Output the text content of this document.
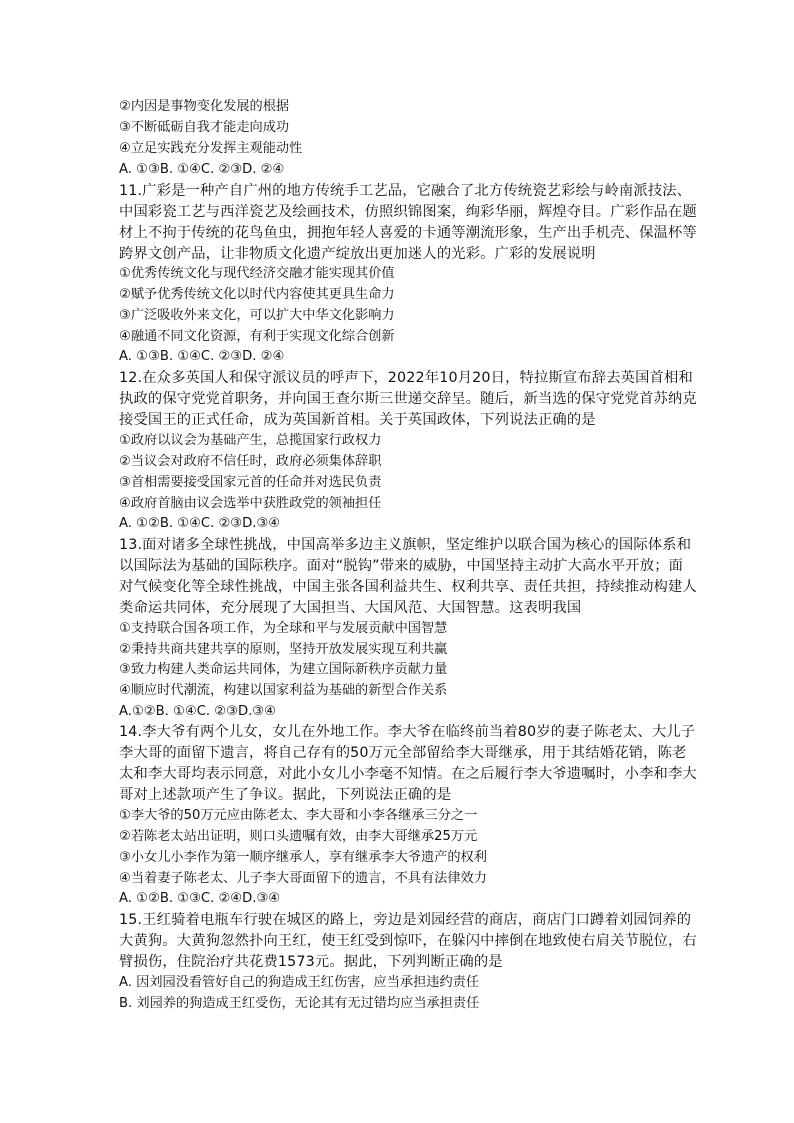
②内因是事物变化发展的根据
③不断砥砺自我才能走向成功
④立足实践充分发挥主观能动性
A. ①③B. ①④C. ②③D. ②④
11.广彩是一种产自广州的地方传统手工艺品，它融合了北方传统瓷艺彩绘与岭南派技法、
中国彩瓷工艺与西洋瓷艺及绘画技术，仿照织锦图案，绚彩华丽，辉煌夺目。广彩作品在题
材上不拘于传统的花鸟鱼虫，拥抱年轻人喜爱的卡通等潮流形象，生产出手机壳、保温杯等
跨界文创产品，让非物质文化遗产绽放出更加迷人的光彩。广彩的发展说明
①优秀传统文化与现代经济交融才能实现其价值
②赋予优秀传统文化以时代内容使其更具生命力
③广泛吸收外来文化，可以扩大中华文化影响力
④融通不同文化资源，有利于实现文化综合创新
A. ①③B. ①④C. ②③D. ②④
12.在众多英国人和保守派议员的呼声下，2022年10月20日，特拉斯宣布辞去英国首相和
执政的保守党党首职务，并向国王查尔斯三世递交辞呈。随后，新当选的保守党党首苏纳克
接受国王的正式任命，成为英国新首相。关于英国政体，下列说法正确的是
①政府以议会为基础产生，总揽国家行政权力
②当议会对政府不信任时，政府必须集体辞职
③首相需要接受国家元首的任命并对选民负责
④政府首脑由议会选举中获胜政党的领袖担任
A. ①②B. ①④C. ②③D.③④
13.面对诸多全球性挑战，中国高举多边主义旗帜，坚定维护以联合国为核心的国际体系和
以国际法为基础的国际秩序。面对“脱钩”带来的威胁，中国坚持主动扩大高水平开放；面
对气候变化等全球性挑战，中国主张各国利益共生、权利共享、责任共担，持续推动构建人
类命运共同体，充分展现了大国担当、大国风范、大国智慧。这表明我国
①支持联合国各项工作，为全球和平与发展贡献中国智慧
②秉持共商共建共享的原则，坚持开放发展实现互利共赢
③致力构建人类命运共同体，为建立国际新秩序贡献力量
④顺应时代潮流，构建以国家利益为基础的新型合作关系
A.①②B. ①④C. ②③D.③④
14.李大爷有两个儿女，女儿在外地工作。李大爷在临终前当着80岁的妻子陈老太、大儿子
李大哥的面留下遗言，将自己存有的50万元全部留给李大哥继承，用于其结婚花销，陈老
太和李大哥均表示同意，对此小女儿小李毫不知情。在之后履行李大爷遗嘱时，小李和李大
哥对上述款项产生了争议。据此，下列说法正确的是
①李大爷的50万元应由陈老太、李大哥和小李各继承三分之一
②若陈老太站出证明，则口头遗嘱有效，由李大哥继承25万元
③小女儿小李作为第一顺序继承人，享有继承李大爷遗产的权利
④当着妻子陈老太、儿子李大哥面留下的遗言，不具有法律效力
A. ①②B. ①③C. ②④D.③④
15.王红骑着电瓶车行驶在城区的路上，旁边是刘园经营的商店，商店门口蹲着刘园饲养的
大黄狗。大黄狗忽然扑向王红，使王红受到惊吓，在躲闪中摔倒在地致使右肩关节脱位，右
臂损伤，住院治疗共花费1573元。据此，下列判断正确的是
A. 因刘园没看管好自己的狗造成王红伤害，应当承担违约责任
B. 刘园养的狗造成王红受伤，无论其有无过错均应当承担责任
